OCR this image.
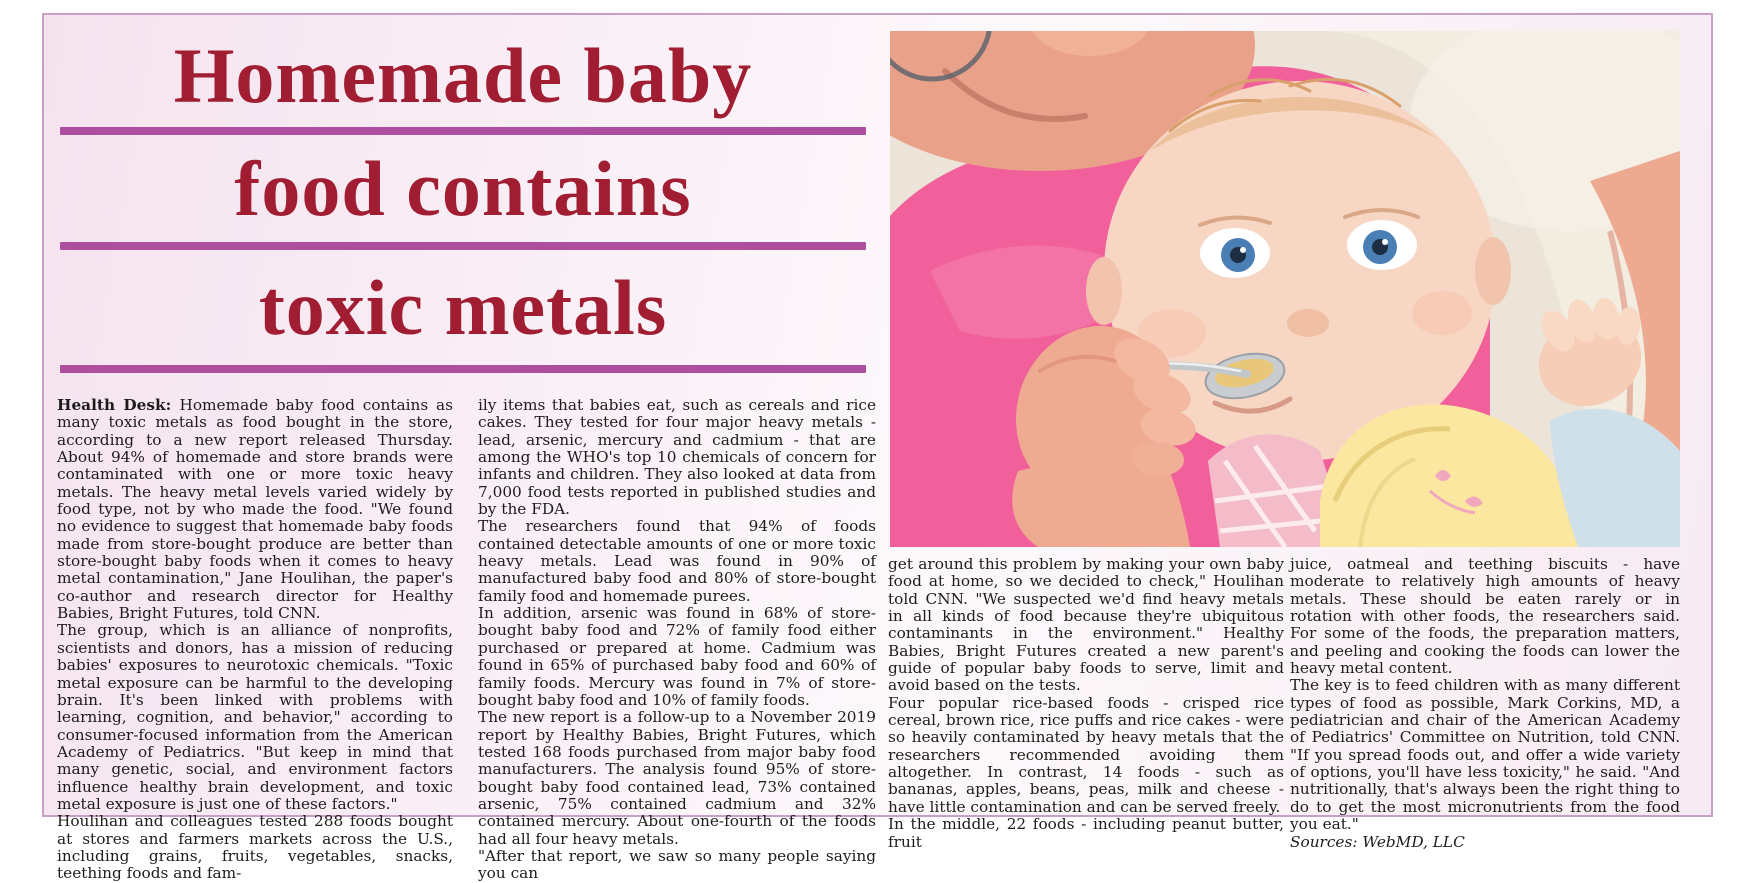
Homemade baby
food contains
toxic metals

Health Desk: Homemade baby food contains as many toxic metals as food bought in the store, according to a new report released Thursday. About 94% of homemade and store brands were contaminated with one or more toxic heavy metals. The heavy metal levels varied widely by food type, not by who made the food. "We found no evidence to suggest that homemade baby foods made from store-bought produce are better than store-bought baby foods when it comes to heavy metal contamination," Jane Houlihan, the paper's co-author and research director for Healthy Babies, Bright Futures, told CNN.

The group, which is an alliance of nonprofits, scientists and donors, has a mission of reducing babies' exposures to neurotoxic chemicals. "Toxic metal exposure can be harmful to the developing brain. It's been linked with problems with learning, cognition, and behavior," according to consumer-focused information from the American Academy of Pediatrics. "But keep in mind that many genetic, social, and environment factors influence healthy brain development, and toxic metal exposure is just one of these factors."

Houlihan and colleagues tested 288 foods bought at stores and farmers markets across the U.S., including grains, fruits, vegetables, snacks, teething foods and fam-

ily items that babies eat, such as cereals and rice cakes. They tested for four major heavy metals - lead, arsenic, mercury and cadmium - that are among the WHO's top 10 chemicals of concern for infants and children. They also looked at data from 7,000 food tests reported in published studies and by the FDA.

The researchers found that 94% of foods contained detectable amounts of one or more toxic heavy metals. Lead was found in 90% of manufactured baby food and 80% of store-bought family food and homemade purees.

In addition, arsenic was found in 68% of store-bought baby food and 72% of family food either purchased or prepared at home. Cadmium was found in 65% of purchased baby food and 60% of family foods. Mercury was found in 7% of store-bought baby food and 10% of family foods.

The new report is a follow-up to a November 2019 report by Healthy Babies, Bright Futures, which tested 168 foods purchased from major baby food manufacturers. The analysis found 95% of store-bought baby food contained lead, 73% contained arsenic, 75% contained cadmium and 32% contained mercury. About one-fourth of the foods had all four heavy metals.

"After that report, we saw so many people saying you can

get around this problem by making your own baby food at home, so we decided to check," Houlihan told CNN. "We suspected we'd find heavy metals in all kinds of food because they're ubiquitous contaminants in the environment." Healthy Babies, Bright Futures created a new parent's guide of popular baby foods to serve, limit and avoid based on the tests.

Four popular rice-based foods - crisped rice cereal, brown rice, rice puffs and rice cakes - were so heavily contaminated by heavy metals that the researchers recommended avoiding them altogether. In contrast, 14 foods - such as bananas, apples, beans, peas, milk and cheese - have little contamination and can be served freely.

In the middle, 22 foods - including peanut butter, fruit

juice, oatmeal and teething biscuits - have moderate to relatively high amounts of heavy metals. These should be eaten rarely or in rotation with other foods, the researchers said. For some of the foods, the preparation matters, and peeling and cooking the foods can lower the heavy metal content.

The key is to feed children with as many different types of food as possible, Mark Corkins, MD, a pediatrician and chair of the American Academy of Pediatrics' Committee on Nutrition, told CNN. "If you spread foods out, and offer a wide variety of options, you'll have less toxicity," he said. "And nutritionally, that's always been the right thing to do to get the most micronutrients from the food you eat."

Sources: WebMD, LLC
